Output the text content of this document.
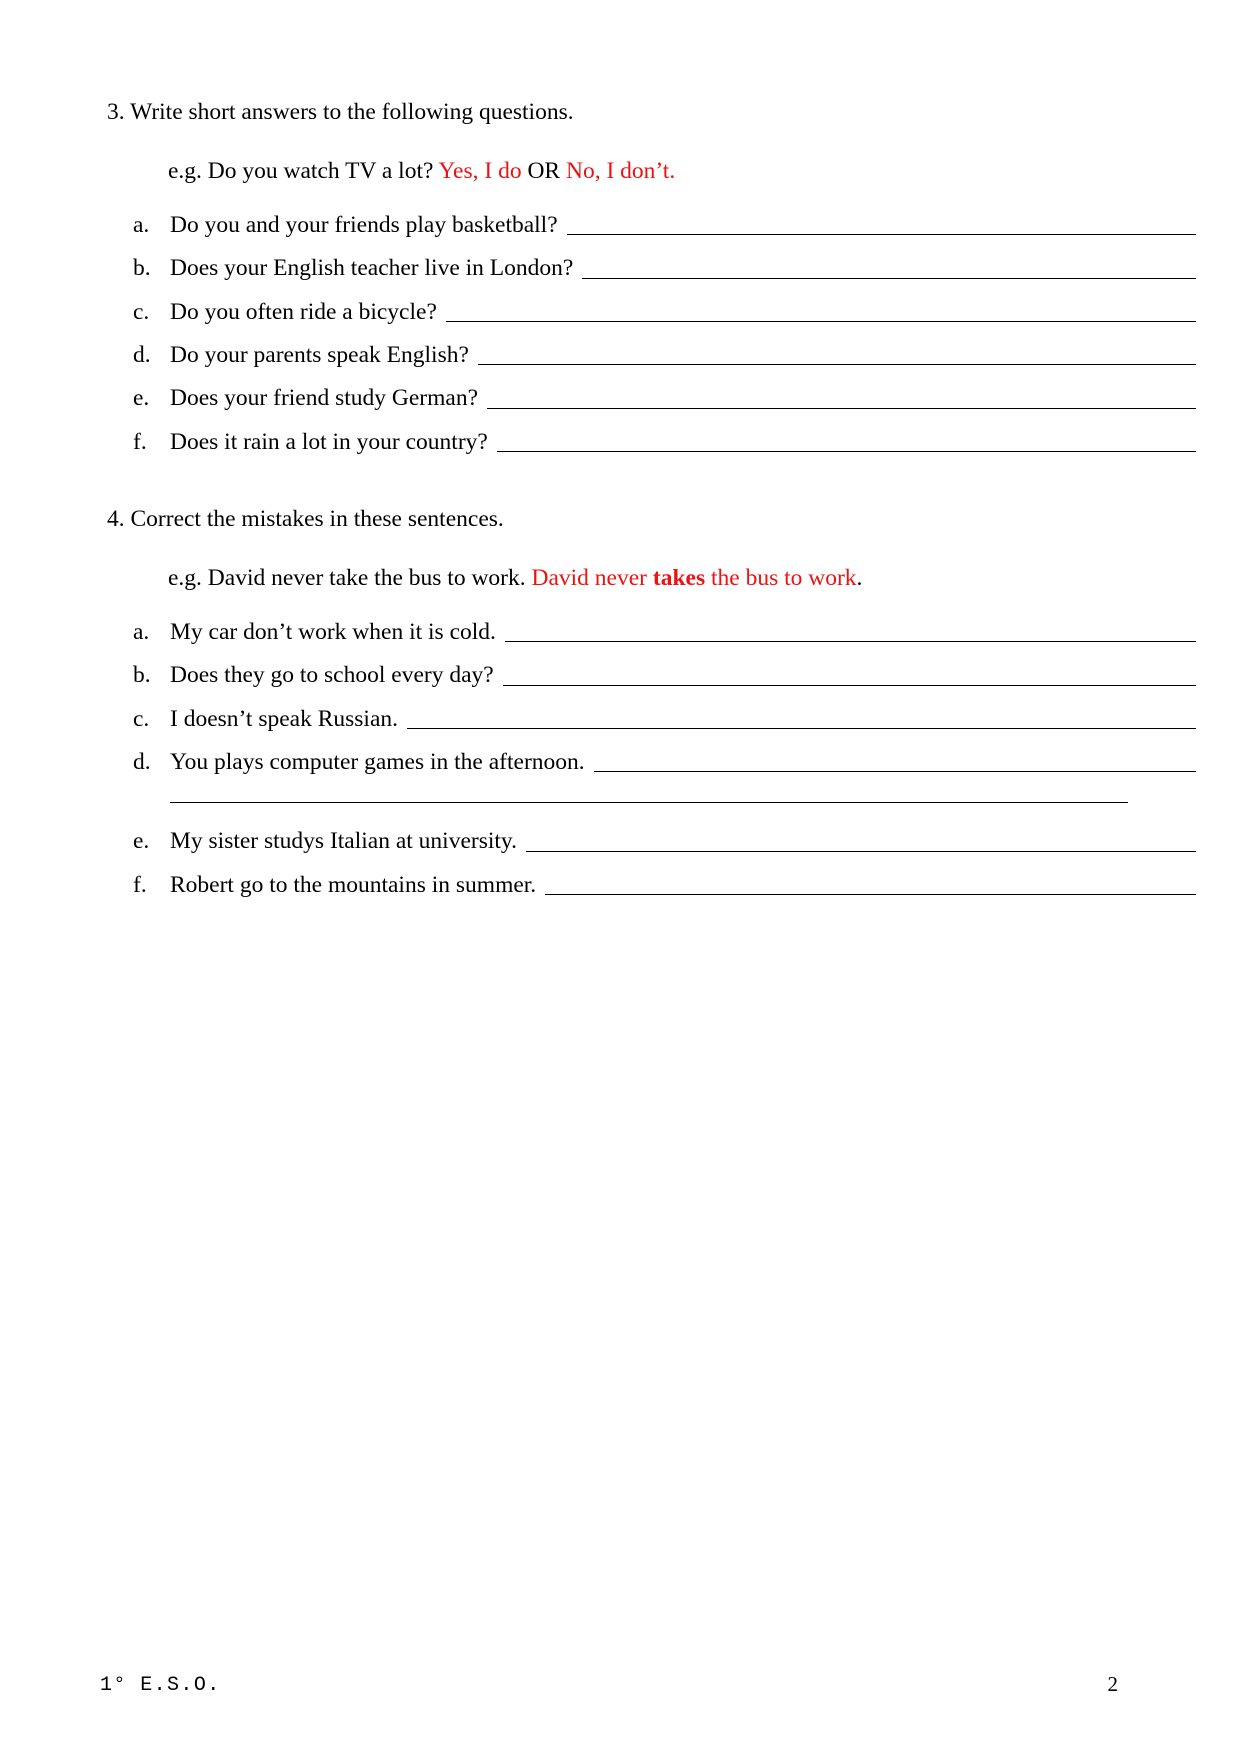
3. Write short answers to the following questions.
e.g. Do you watch TV a lot? Yes, I do OR No, I don’t.
a. Do you and your friends play basketball?
b. Does your English teacher live in London?
c. Do you often ride a bicycle?
d. Do your parents speak English?
e. Does your friend study German?
f. Does it rain a lot in your country?
4. Correct the mistakes in these sentences.
e.g. David never take the bus to work. David never takes the bus to work.
a. My car don’t work when it is cold.
b. Does they go to school every day?
c. I doesn’t speak Russian.
d. You plays computer games in the afternoon.
e. My sister studys Italian at university.
f. Robert go to the mountains in summer.
1° E.S.O.	2
